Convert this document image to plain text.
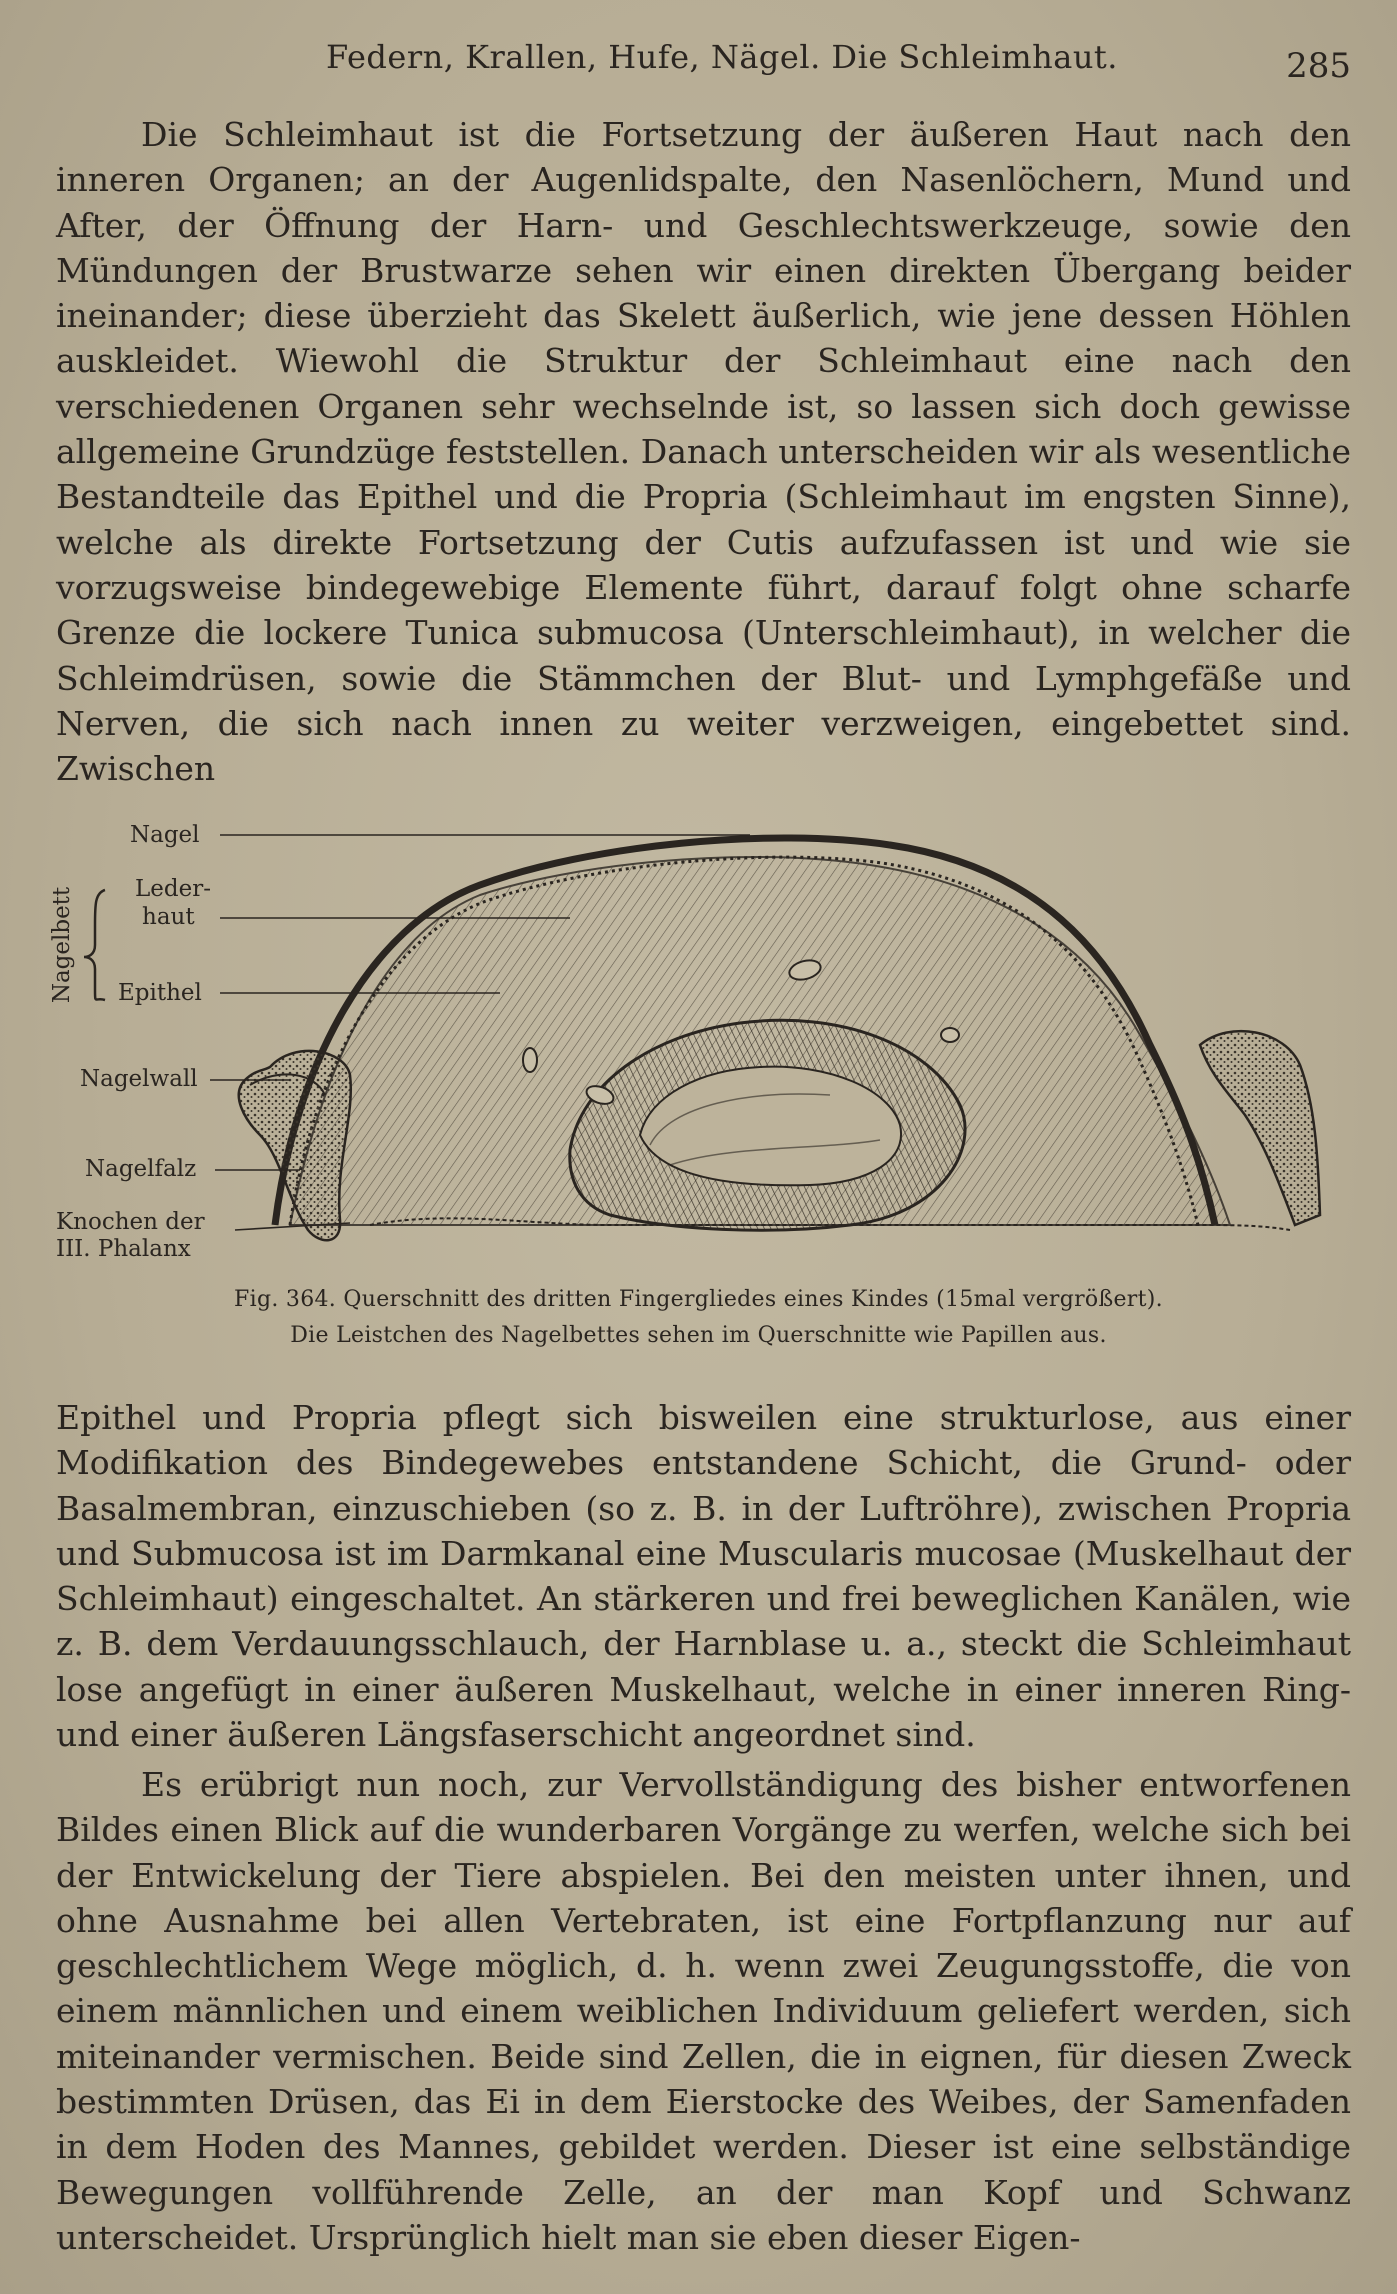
Federn, Krallen, Hufe, Nägel. Die Schleimhaut.	285

Die Schleimhaut ist die Fortsetzung der äußeren Haut nach den inneren Organen; an der Augenlidspalte, den Nasenlöchern, Mund und After, der Öffnung der Harn- und Geschlechtswerkzeuge, sowie den Mündungen der Brustwarze sehen wir einen direkten Übergang beider ineinander; diese überzieht das Skelett äußerlich, wie jene dessen Höhlen auskleidet. Wiewohl die Struktur der Schleimhaut eine nach den verschiedenen Organen sehr wechselnde ist, so lassen sich doch gewisse allgemeine Grundzüge feststellen. Danach unterscheiden wir als wesentliche Bestandteile das Epithel und die Propria (Schleimhaut im engsten Sinne), welche als direkte Fortsetzung der Cutis aufzufassen ist und wie sie vorzugsweise bindegewebige Elemente führt, darauf folgt ohne scharfe Grenze die lockere Tunica submucosa (Unterschleimhaut), in welcher die Schleimdrüsen, sowie die Stämmchen der Blut- und Lymphgefäße und Nerven, die sich nach innen zu weiter verzweigen, eingebettet sind. Zwischen

Nagel
Leder-
haut
Epithel
Nagelbett
Nagelwall
Nagelfalz
Knochen der
III. Phalanx

Fig. 364. Querschnitt des dritten Fingergliedes eines Kindes (15mal vergrößert).

Die Leistchen des Nagelbettes sehen im Querschnitte wie Papillen aus.

Epithel und Propria pflegt sich bisweilen eine strukturlose, aus einer Modifikation des Bindegewebes entstandene Schicht, die Grund- oder Basalmembran, einzuschieben (so z. B. in der Luftröhre), zwischen Propria und Submucosa ist im Darmkanal eine Muscularis mucosae (Muskelhaut der Schleimhaut) eingeschaltet. An stärkeren und frei beweglichen Kanälen, wie z. B. dem Verdauungsschlauch, der Harnblase u. a., steckt die Schleimhaut lose angefügt in einer äußeren Muskelhaut, welche in einer inneren Ring- und einer äußeren Längsfaserschicht angeordnet sind.

Es erübrigt nun noch, zur Vervollständigung des bisher entworfenen Bildes einen Blick auf die wunderbaren Vorgänge zu werfen, welche sich bei der Entwickelung der Tiere abspielen. Bei den meisten unter ihnen, und ohne Ausnahme bei allen Vertebraten, ist eine Fortpflanzung nur auf geschlechtlichem Wege möglich, d. h. wenn zwei Zeugungsstoffe, die von einem männlichen und einem weiblichen Individuum geliefert werden, sich miteinander vermischen. Beide sind Zellen, die in eignen, für diesen Zweck bestimmten Drüsen, das Ei in dem Eierstocke des Weibes, der Samenfaden in dem Hoden des Mannes, gebildet werden. Dieser ist eine selbständige Bewegungen vollführende Zelle, an der man Kopf und Schwanz unterscheidet. Ursprünglich hielt man sie eben dieser Eigen-
